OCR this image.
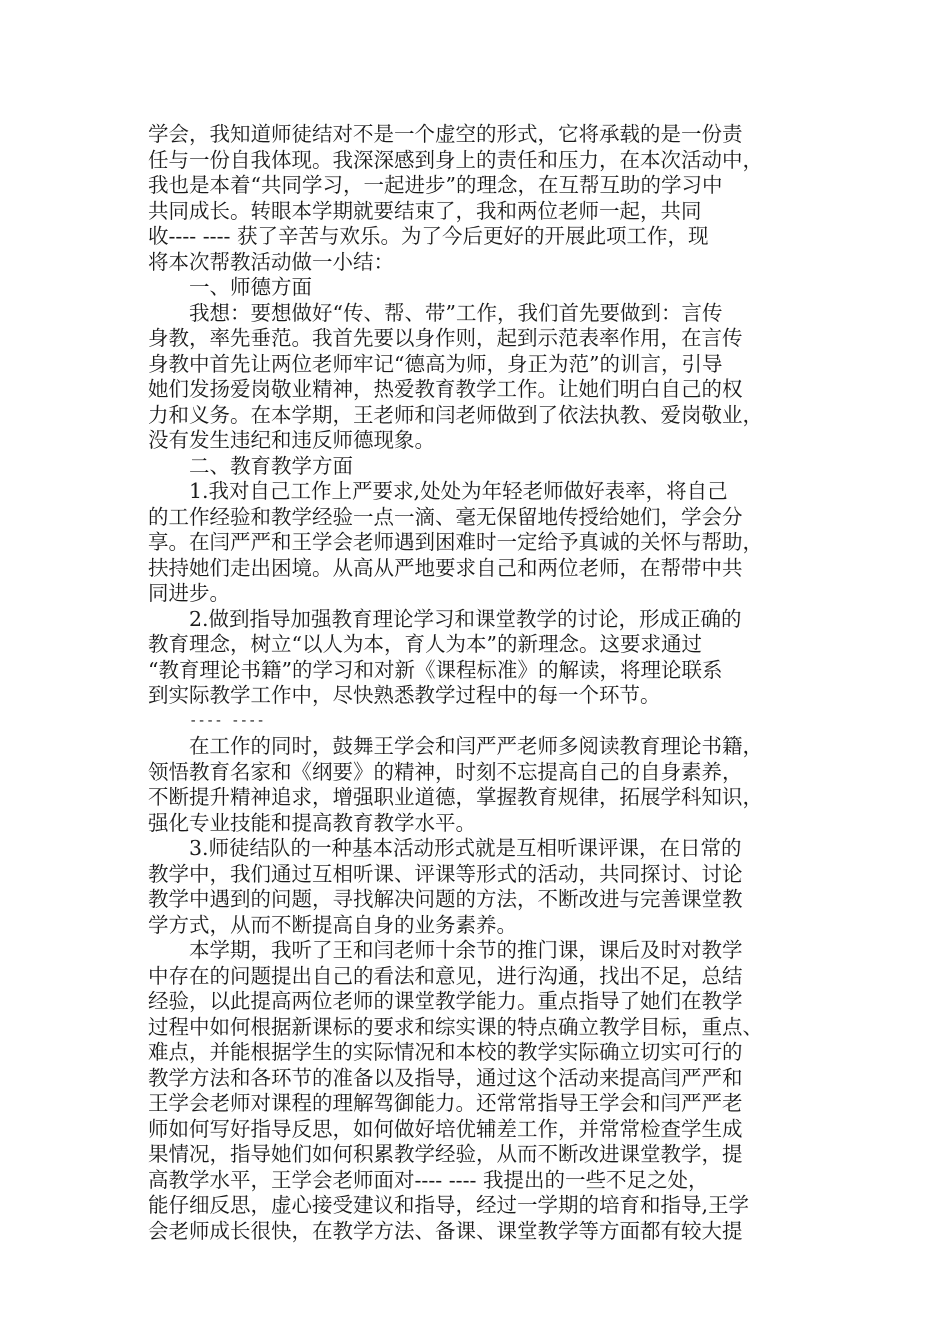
学会，我知道师徒结对不是一个虚空的形式，它将承载的是一份责
任与一份自我体现。我深深感到身上的责任和压力，在本次活动中，
我也是本着“共同学习，一起进步”的理念，在互帮互助的学习中
共同成长。转眼本学期就要结束了，我和两位老师一起，共同
收---- ---- 获了辛苦与欢乐。为了今后更好的开展此项工作，现
将本次帮教活动做一小结：
一、师德方面
我想：要想做好“传、帮、带”工作，我们首先要做到：言传
身教，率先垂范。我首先要以身作则，起到示范表率作用，在言传
身教中首先让两位老师牢记“德高为师，身正为范”的训言，引导
她们发扬爱岗敬业精神，热爱教育教学工作。让她们明白自己的权
力和义务。在本学期，王老师和闫老师做到了依法执教、爱岗敬业，
没有发生违纪和违反师德现象。
二、教育教学方面
1.我对自己工作上严要求,处处为年轻老师做好表率，将自己
的工作经验和教学经验一点一滴、毫无保留地传授给她们，学会分
享。在闫严严和王学会老师遇到困难时一定给予真诚的关怀与帮助，
扶持她们走出困境。从高从严地要求自己和两位老师，在帮带中共
同进步。
2.做到指导加强教育理论学习和课堂教学的讨论，形成正确的
教育理念，树立“以人为本，育人为本”的新理念。这要求通过
“教育理论书籍”的学习和对新《课程标准》的解读，将理论联系
到实际教学工作中，尽快熟悉教学过程中的每一个环节。
---- ----
在工作的同时，鼓舞王学会和闫严严老师多阅读教育理论书籍，
领悟教育名家和《纲要》的精神，时刻不忘提高自己的自身素养，
不断提升精神追求，增强职业道德，掌握教育规律，拓展学科知识，
强化专业技能和提高教育教学水平。
3.师徒结队的一种基本活动形式就是互相听课评课，在日常的
教学中，我们通过互相听课、评课等形式的活动，共同探讨、讨论
教学中遇到的问题，寻找解决问题的方法，不断改进与完善课堂教
学方式，从而不断提高自身的业务素养。
本学期，我听了王和闫老师十余节的推门课，课后及时对教学
中存在的问题提出自己的看法和意见，进行沟通，找出不足，总结
经验，以此提高两位老师的课堂教学能力。重点指导了她们在教学
过程中如何根据新课标的要求和综实课的特点确立教学目标，重点、
难点，并能根据学生的实际情况和本校的教学实际确立切实可行的
教学方法和各环节的准备以及指导，通过这个活动来提高闫严严和
王学会老师对课程的理解驾御能力。还常常指导王学会和闫严严老
师如何写好指导反思，如何做好培优辅差工作，并常常检查学生成
果情况，指导她们如何积累教学经验，从而不断改进课堂教学，提
高教学水平，王学会老师面对---- ---- 我提出的一些不足之处，
能仔细反思，虚心接受建议和指导，经过一学期的培育和指导,王学
会老师成长很快，在教学方法、备课、课堂教学等方面都有较大提
